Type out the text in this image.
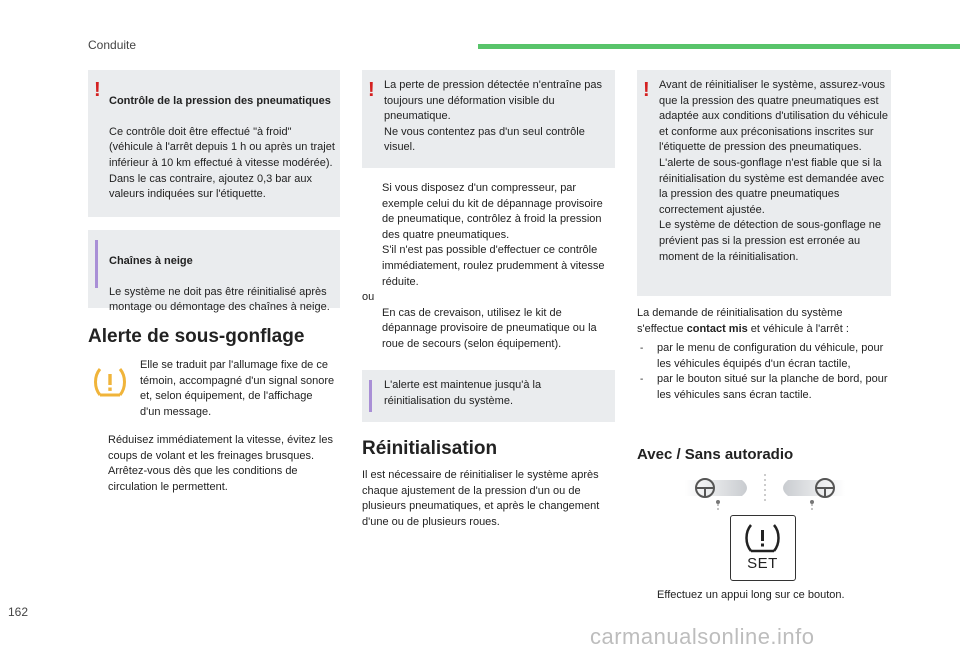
Conduite
! Contrôle de la pression des pneumatiques

Ce contrôle doit être effectué "à froid" (véhicule à l'arrêt depuis 1 h ou après un trajet inférieur à 10 km effectué à vitesse modérée).
Dans le cas contraire, ajoutez 0,3 bar aux valeurs indiquées sur l'étiquette.

Chaînes à neige

Le système ne doit pas être réinitialisé après montage ou démontage des chaînes à neige.

Alerte de sous-gonflage
Elle se traduit par l'allumage fixe de ce témoin, accompagné d'un signal sonore et, selon équipement, de l'affichage d'un message.
Réduisez immédiatement la vitesse, évitez les coups de volant et les freinages brusques.
Arrêtez-vous dès que les conditions de circulation le permettent.
! La perte de pression détectée n'entraîne pas toujours une déformation visible du pneumatique.
Ne vous contentez pas d'un seul contrôle visuel.
Si vous disposez d'un compresseur, par exemple celui du kit de dépannage provisoire de pneumatique, contrôlez à froid la pression des quatre pneumatiques.
S'il n'est pas possible d'effectuer ce contrôle immédiatement, roulez prudemment à vitesse réduite.
ou
En cas de crevaison, utilisez le kit de dépannage provisoire de pneumatique ou la roue de secours (selon équipement).
L'alerte est maintenue jusqu'à la réinitialisation du système.
Réinitialisation
Il est nécessaire de réinitialiser le système après chaque ajustement de la pression d'un ou de plusieurs pneumatiques, et après le changement d'une ou de plusieurs roues.
! Avant de réinitialiser le système, assurez-vous que la pression des quatre pneumatiques est adaptée aux conditions d'utilisation du véhicule et conforme aux préconisations inscrites sur l'étiquette de pression des pneumatiques.
L'alerte de sous-gonflage n'est fiable que si la réinitialisation du système est demandée avec la pression des quatre pneumatiques correctement ajustée.
Le système de détection de sous-gonflage ne prévient pas si la pression est erronée au moment de la réinitialisation.
La demande de réinitialisation du système s'effectue contact mis et véhicule à l'arrêt :
- par le menu de configuration du véhicule, pour les véhicules équipés d'un écran tactile,
- par le bouton situé sur la planche de bord, pour les véhicules sans écran tactile.
Avec / Sans autoradio
SET
Effectuez un appui long sur ce bouton.
162
carmanualsonline.info
